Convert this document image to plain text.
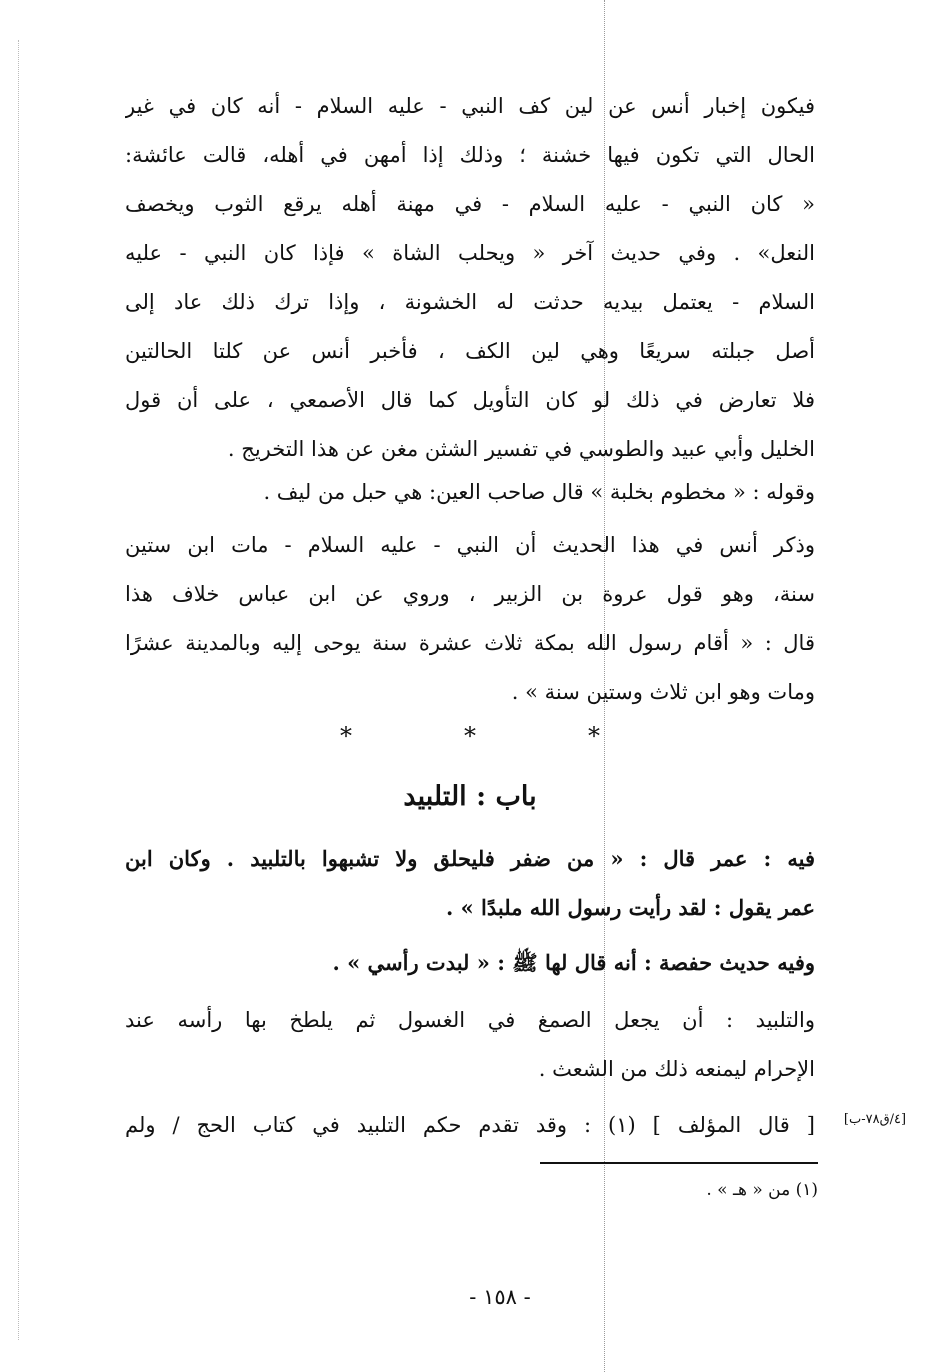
فيكون إخبار أنس عن لين كف النبي - عليه السلام - أنه كان في غير
الحال التي تكون فيها خشنة ؛ وذلك إذا أمهن في أهله، قالت عائشة:
« كان النبي - عليه السلام - في مهنة أهله يرقع الثوب ويخصف
النعل» . وفي حديث آخر « ويحلب الشاة » فإذا كان النبي - عليه
السلام - يعتمل بيديه حدثت له الخشونة ، وإذا ترك ذلك عاد إلى
أصل جبلته سريعًا وهي لين الكف ، فأخبر أنس عن كلتا الحالتين
فلا تعارض في ذلك لو كان التأويل كما قال الأصمعي ، على أن قول
الخليل وأبي عبيد والطوسي في تفسير الشثن مغن عن هذا التخريج .
وقوله : « مخطوم بخلبة » قال صاحب العين: هي حبل من ليف .
وذكر أنس في هذا الحديث أن النبي - عليه السلام - مات ابن ستين
سنة، وهو قول عروة بن الزبير ، وروي عن ابن عباس خلاف هذا
قال : « أقام رسول الله بمكة ثلاث عشرة سنة يوحى إليه وبالمدينة عشرًا
ومات وهو ابن ثلاث وستين سنة » .
*
*
*
باب : التلبيد
فيه : عمر قال : « من ضفر فليحلق ولا تشبهوا بالتلبيد . وكان ابن
عمر يقول : لقد رأيت رسول الله ملبدًا » .
وفيه حديث حفصة : أنه قال لها ﷺ : « لبدت رأسي » .
والتلبيد : أن يجعل الصمغ في الغسول ثم يلطخ بها رأسه عند
الإحرام ليمنعه ذلك من الشعث .
[ قال المؤلف ] (١) : وقد تقدم حكم التلبيد في كتاب الحج / ولم	[٤/ق٧٨-ب]
(١) من « هـ » .
- ١٥٨ -
